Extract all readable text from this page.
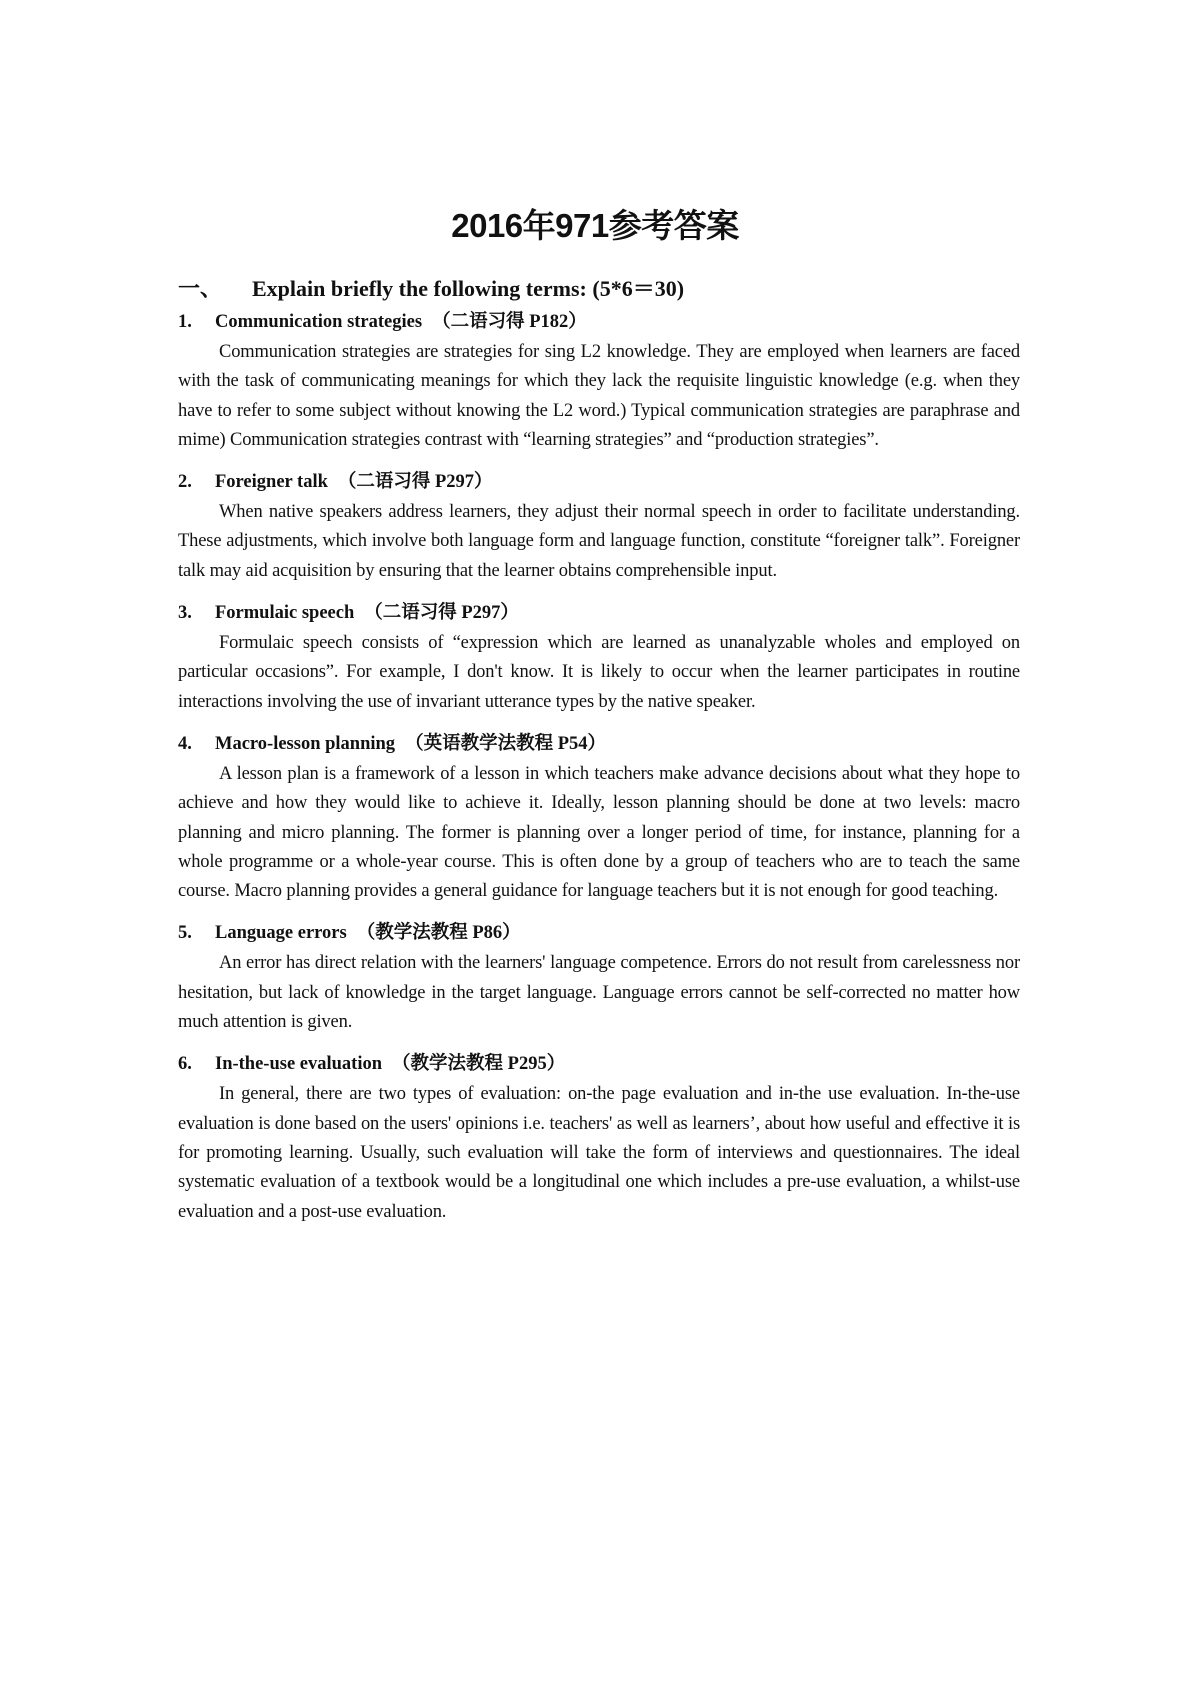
2016年971参考答案
一、	Explain briefly the following terms: (5*6＝30)
1.	Communication strategies （二语习得 P182）

Communication strategies are strategies for sing L2 knowledge. They are employed when learners are faced with the task of communicating meanings for which they lack the requisite linguistic knowledge (e.g. when they have to refer to some subject without knowing the L2 word.) Typical communication strategies are paraphrase and mime) Communication strategies contrast with “learning strategies” and “production strategies”.

2.	Foreigner talk （二语习得 P297）

When native speakers address learners, they adjust their normal speech in order to facilitate understanding. These adjustments, which involve both language form and language function, constitute “foreigner talk”. Foreigner talk may aid acquisition by ensuring that the learner obtains comprehensible input.

3.	Formulaic speech （二语习得 P297）

Formulaic speech consists of “expression which are learned as unanalyzable wholes and employed on particular occasions”. For example, I don't know. It is likely to occur when the learner participates in routine interactions involving the use of invariant utterance types by the native speaker.

4.	Macro-lesson planning （英语教学法教程 P54）

A lesson plan is a framework of a lesson in which teachers make advance decisions about what they hope to achieve and how they would like to achieve it. Ideally, lesson planning should be done at two levels: macro planning and micro planning. The former is planning over a longer period of time, for instance, planning for a whole programme or a whole-year course. This is often done by a group of teachers who are to teach the same course. Macro planning provides a general guidance for language teachers but it is not enough for good teaching.

5.	Language errors （教学法教程 P86）

An error has direct relation with the learners' language competence. Errors do not result from carelessness nor hesitation, but lack of knowledge in the target language. Language errors cannot be self-corrected no matter how much attention is given.

6.	In-the-use evaluation （教学法教程 P295）

In general, there are two types of evaluation: on-the page evaluation and in-the use evaluation. In-the-use evaluation is done based on the users' opinions i.e. teachers' as well as learners’, about how useful and effective it is for promoting learning. Usually, such evaluation will take the form of interviews and questionnaires. The ideal systematic evaluation of a textbook would be a longitudinal one which includes a pre-use evaluation, a whilst-use evaluation and a post-use evaluation.
